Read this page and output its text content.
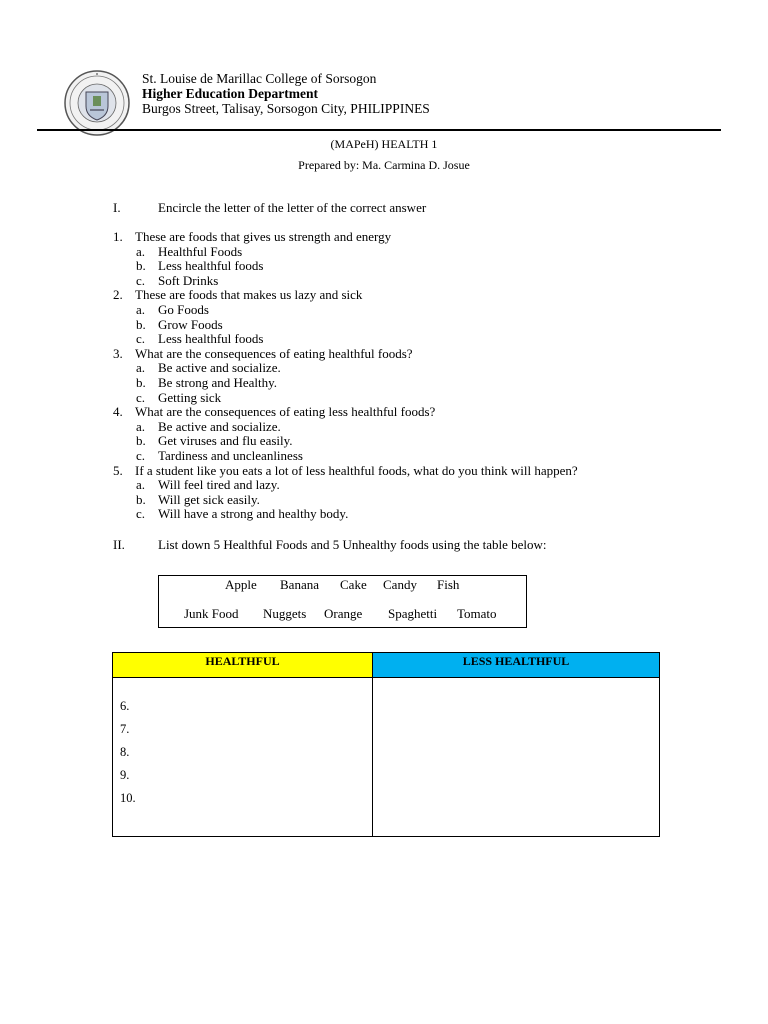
St. Louise de Marillac College of Sorsogon
Higher Education Department
Burgos Street, Talisay, Sorsogon City, PHILIPPINES
(MAPeH) HEALTH 1
Prepared by: Ma. Carmina D. Josue
I.	Encircle the letter of the letter of the correct answer
1. These are foods that gives us strength and energy
a. Healthful Foods
b. Less healthful foods
c. Soft Drinks
2. These are foods that makes us lazy and sick
a. Go Foods
b. Grow Foods
c. Less healthful foods
3. What are the consequences of eating healthful foods?
a. Be active and socialize.
b. Be strong and Healthy.
c. Getting sick
4. What are the consequences of eating less healthful foods?
a. Be active and socialize.
b. Get viruses and flu easily.
c. Tardiness and uncleanliness
5. If a student like you eats a lot of less healthful foods, what do you think will happen?
a. Will feel tired and lazy.
b. Will get sick easily.
c. Will have a strong and healthy body.
II.	List down 5 Healthful Foods and 5 Unhealthy foods using the table below:
Apple Banana Cake Candy Fish
Junk Food Nuggets Orange Spaghetti Tomato
HEALTHFUL	LESS HEALTHFUL

6.
7.
8.
9.
10.	
